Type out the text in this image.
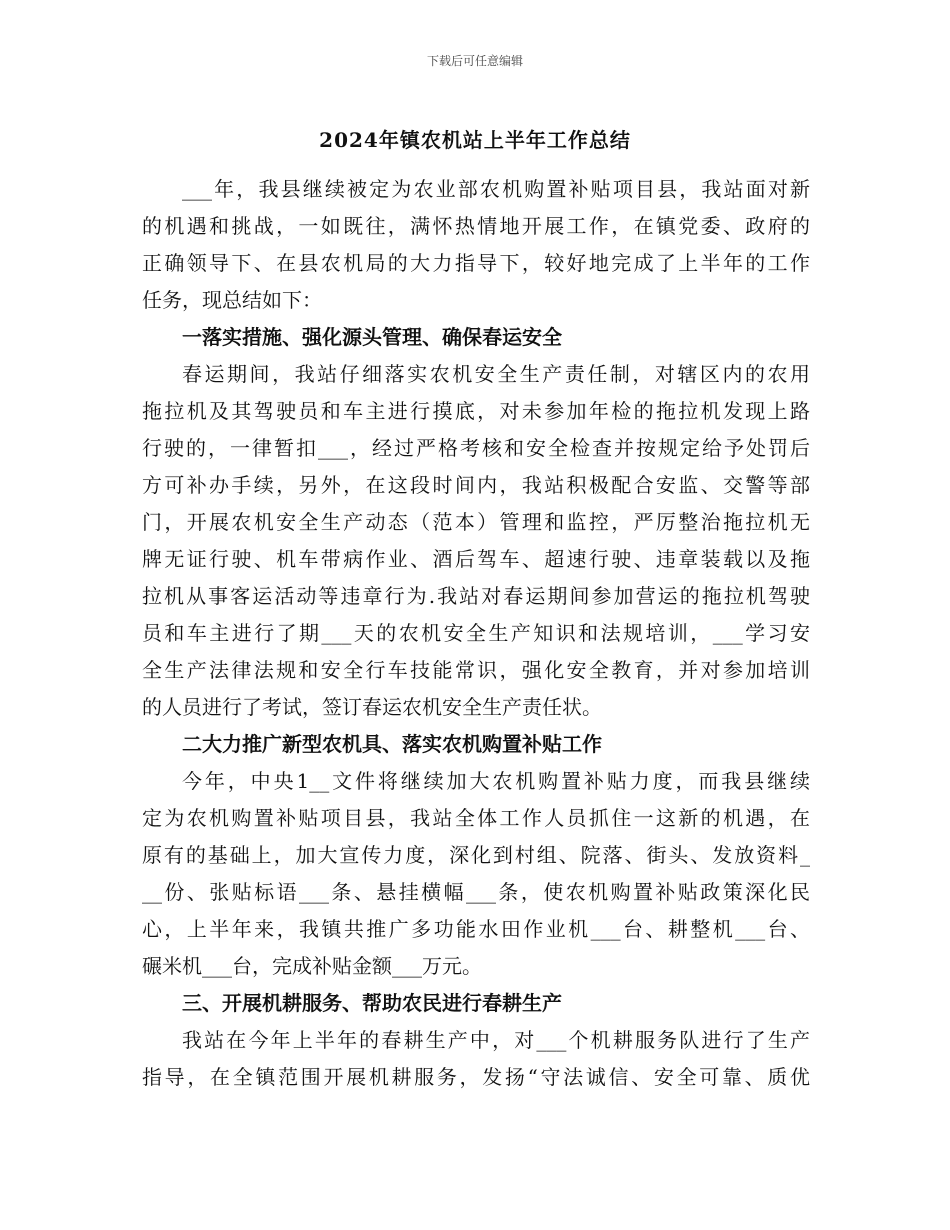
下载后可任意编辑
2024年镇农机站上半年工作总结
___年，我县继续被定为农业部农机购置补贴项目县，我站面对新
的机遇和挑战，一如既往，满怀热情地开展工作，在镇党委、政府的
正确领导下、在县农机局的大力指导下，较好地完成了上半年的工作
任务，现总结如下：
一落实措施、强化源头管理、确保春运安全
春运期间，我站仔细落实农机安全生产责任制，对辖区内的农用
拖拉机及其驾驶员和车主进行摸底，对未参加年检的拖拉机发现上路
行驶的，一律暂扣___，经过严格考核和安全检查并按规定给予处罚后
方可补办手续，另外，在这段时间内，我站积极配合安监、交警等部
门，开展农机安全生产动态（范本）管理和监控，严厉整治拖拉机无
牌无证行驶、机车带病作业、酒后驾车、超速行驶、违章装载以及拖
拉机从事客运活动等违章行为.我站对春运期间参加营运的拖拉机驾驶
员和车主进行了期___天的农机安全生产知识和法规培训，___学习安
全生产法律法规和安全行车技能常识，强化安全教育，并对参加培训
的人员进行了考试，签订春运农机安全生产责任状。
二大力推广新型农机具、落实农机购置补贴工作
今年，中央1__文件将继续加大农机购置补贴力度，而我县继续
定为农机购置补贴项目县，我站全体工作人员抓住一这新的机遇，在
原有的基础上，加大宣传力度，深化到村组、院落、街头、发放资料_
__份、张贴标语___条、悬挂横幅___条，使农机购置补贴政策深化民
心，上半年来，我镇共推广多功能水田作业机___台、耕整机___台、
碾米机___台，完成补贴金额___万元。
三、开展机耕服务、帮助农民进行春耕生产
我站在今年上半年的春耕生产中，对___个机耕服务队进行了生产
指导，在全镇范围开展机耕服务，发扬“守法诚信、安全可靠、质优
